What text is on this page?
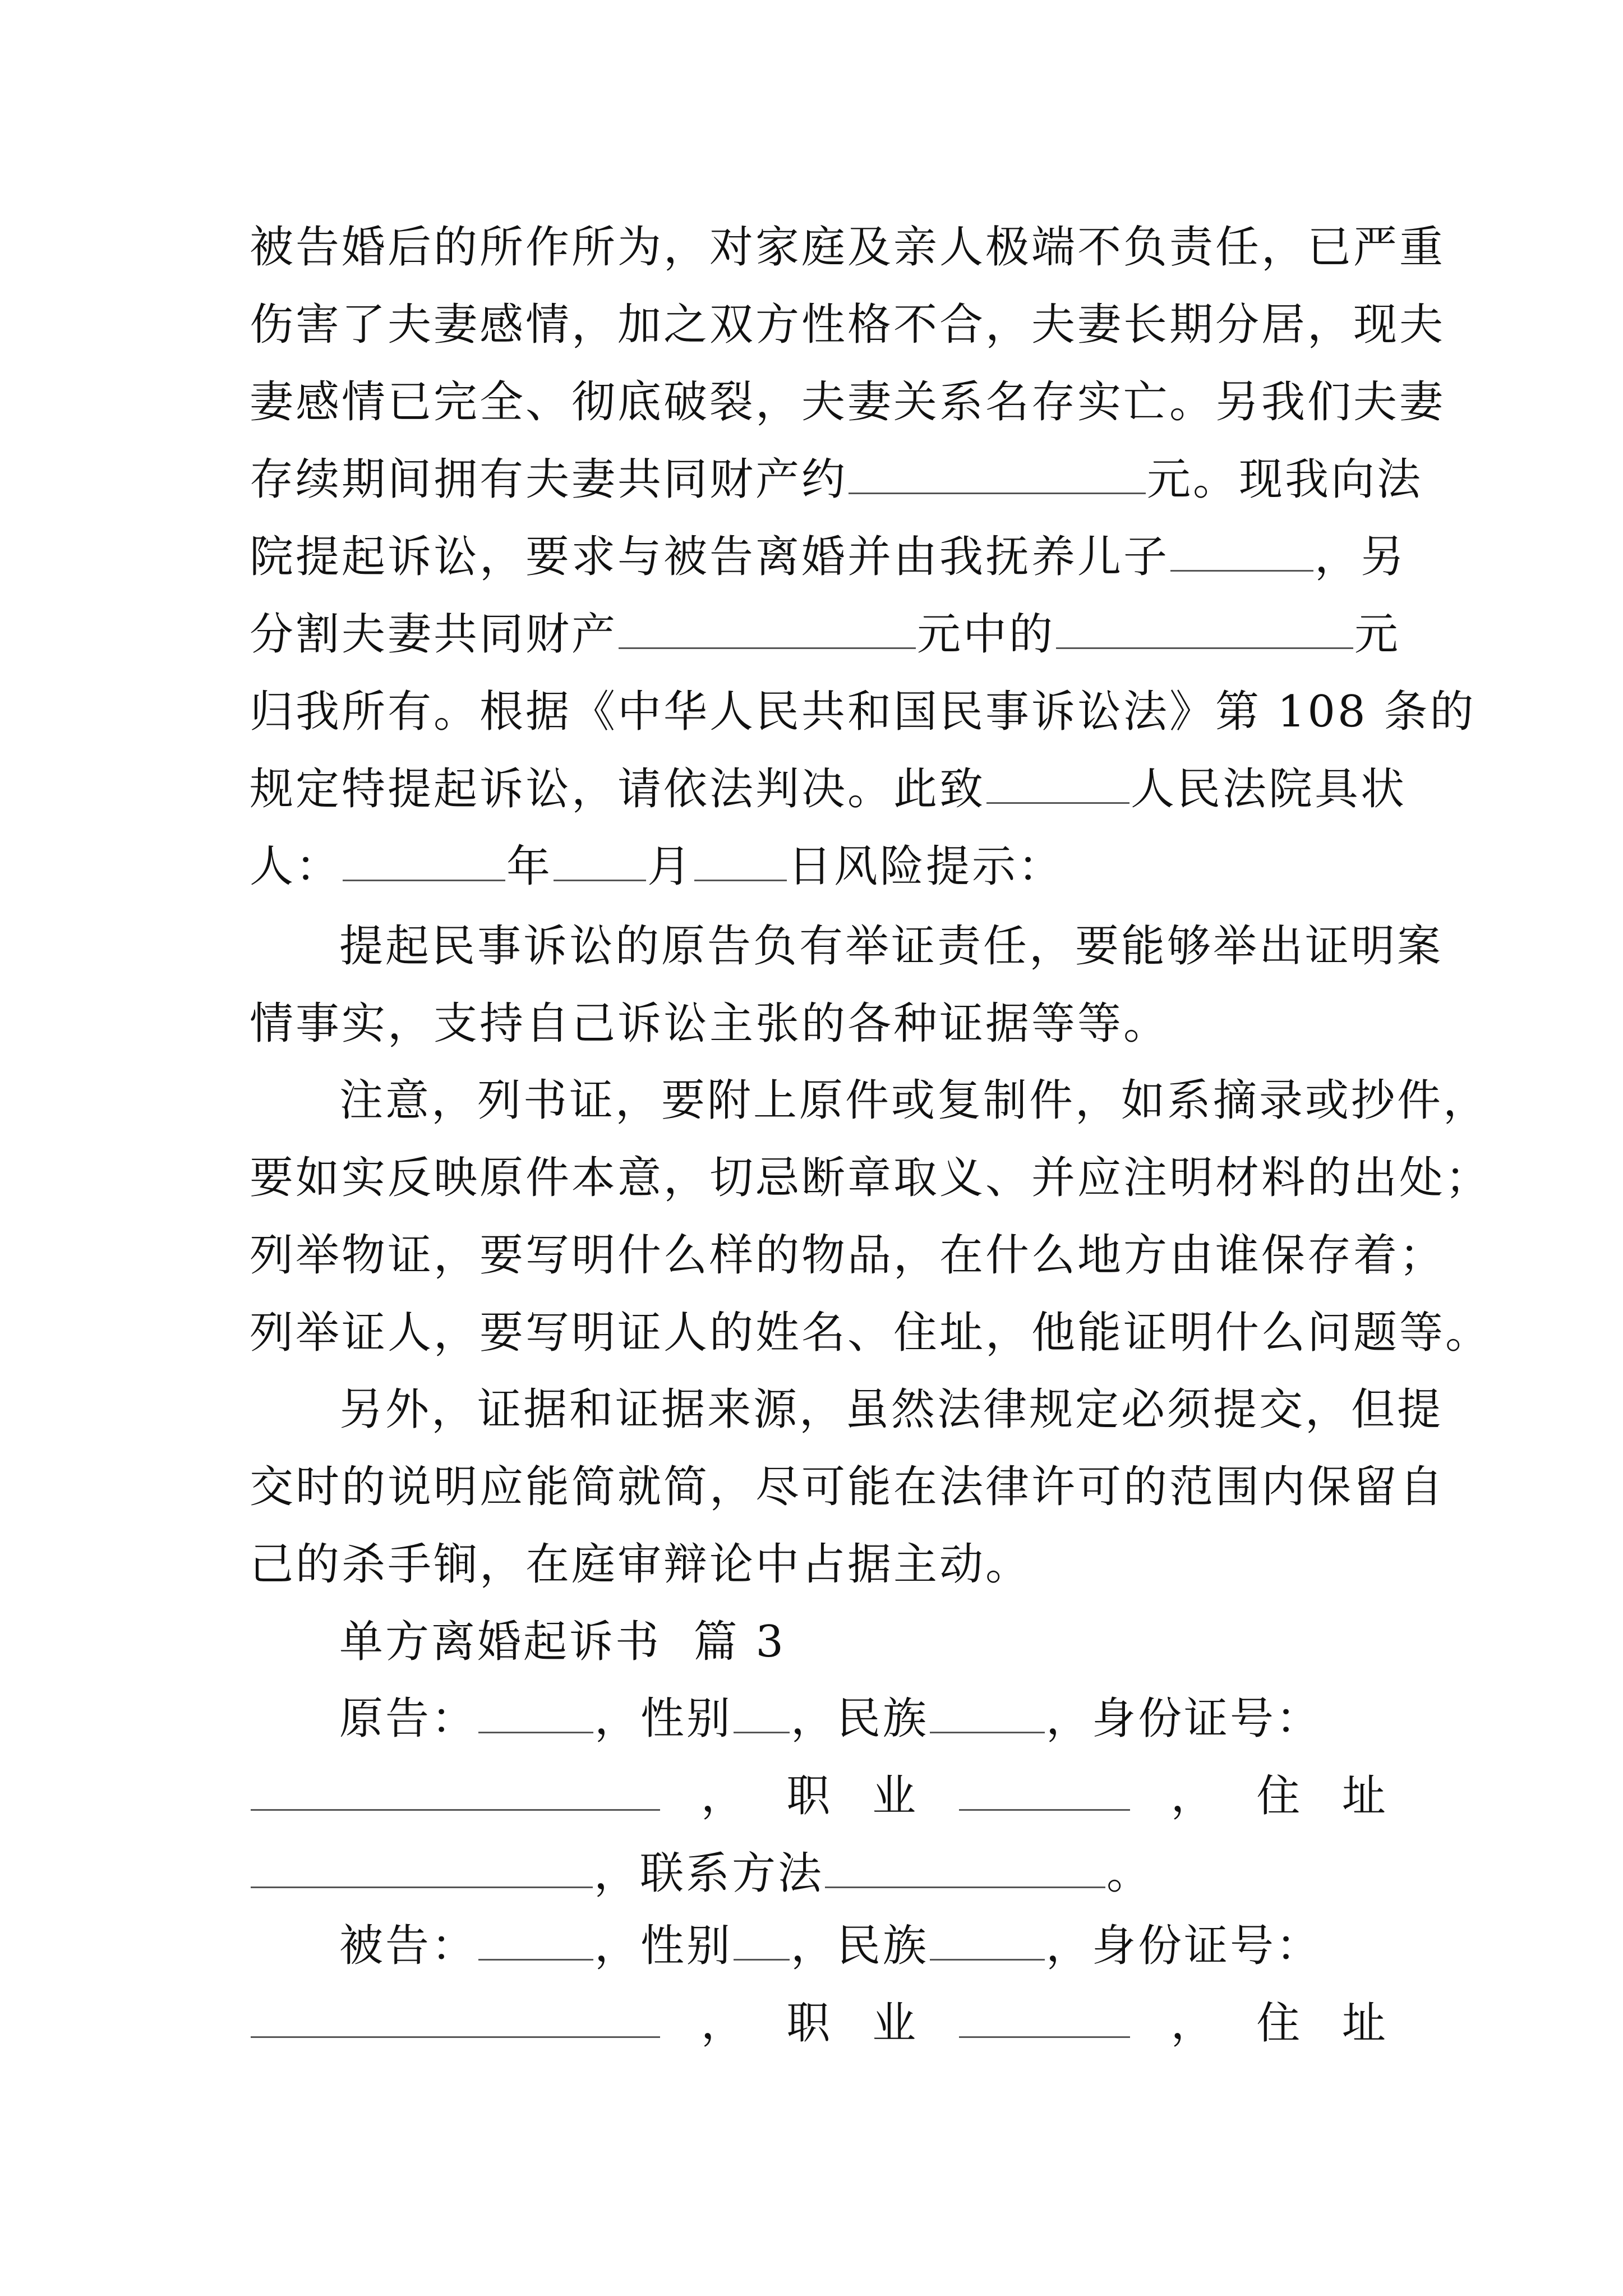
被告婚后的所作所为，对家庭及亲人极端不负责任，已严重
伤害了夫妻感情，加之双方性格不合，夫妻长期分居，现夫
妻感情已完全、彻底破裂，夫妻关系名存实亡。另我们夫妻
存续期间拥有夫妻共同财产约	元。现我向法
院提起诉讼，要求与被告离婚并由我抚养儿子	，另
分割夫妻共同财产	元中的	元
归我所有。根据《中华人民共和国民事诉讼法》第 108 条的
规定特提起诉讼，请依法判决。此致	人民法院具状
人：	年 月 日风险提示：
提起民事诉讼的原告负有举证责任，要能够举出证明案
情事实，支持自己诉讼主张的各种证据等等。
注意，列书证，要附上原件或复制件，如系摘录或抄件，
要如实反映原件本意，切忌断章取义、并应注明材料的出处；
列举物证，要写明什么样的物品，在什么地方由谁保存着；
列举证人，要写明证人的姓名、住址，他能证明什么问题等。
另外，证据和证据来源，虽然法律规定必须提交，但提
交时的说明应能简就简，尽可能在法律许可的范围内保留自
己的杀手锏，在庭审辩论中占据主动。
单方离婚起诉书  篇 3
原告：	，性别 ，民族	，身份证号：
， 职 业	， 住 址
，联系方法	。
被告：	，性别 ，民族	，身份证号：
， 职 业	， 住 址
